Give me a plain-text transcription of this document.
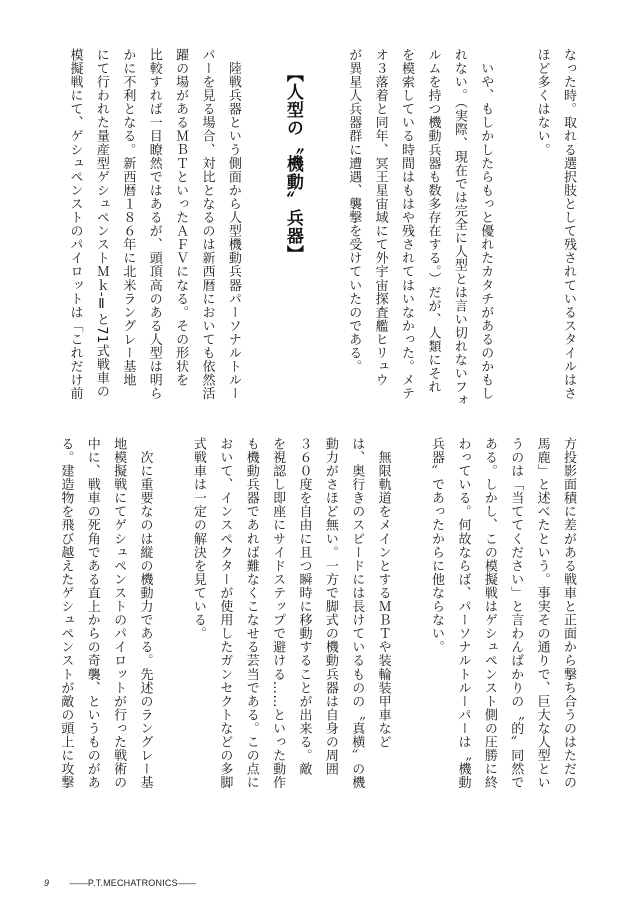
なった時。取れる選択肢として残されているスタイルはさ
ほど多くはない。
　いや、もしかしたらもっと優れたカタチがあるのかもし
れない。（実際、現在では完全に人型とは言い切れないフォ
ルムを持つ機動兵器も数多存在する。）だが、人類にそれ
を模索している時間はもはや残されてはいなかった。メテ
オ３落着と同年、冥王星宙域にて外宇宙探査艦ヒリュウ
が異星人兵器群に遭遇、襲撃を受けていたのである。
【人型の〝機動〟兵器】
　陸戦兵器という側面から人型機動兵器パーソナルトルー
パーを見る場合、対比となるのは新西暦においても依然活
躍の場があるＭＢＴといったＡＦＶになる。その形状を
比較すれば一目瞭然ではあるが、頭頂高のある人型は明ら
かに不利となる。新西暦１８６年に北米ラングレー基地
にて行われた量産型ゲシュペンストＭｋ-Ⅱと71式戦車の
模擬戦にて、ゲシュペンストのパイロットは「これだけ前
方投影面積に差がある戦車と正面から撃ち合うのはただの
馬鹿」と述べたという。事実その通りで、巨大な人型とい
うのは「当ててください」と言わんばかりの〝的〟同然で
ある。しかし、この模擬戦はゲシュペンスト側の圧勝に終
わっている。何故ならば、パーソナルトルーパーは〝機動
兵器〟であったからに他ならない。
　無限軌道をメインとするＭＢＴや装輪装甲車など
は、奥行きのスピードには長けているものの〝真横〟の機
動力がさほど無い。一方で脚式の機動兵器は自身の周囲
３６０度を自由に且つ瞬時に移動することが出来る。敵
を視認し即座にサイドステップで避ける……といった動作
も機動兵器であれば難なくこなせる芸当である。この点に
おいて、インスペクターが使用したガンセクトなどの多脚
式戦車は一定の解決を見ている。
　次に重要なのは縦の機動力である。先述のラングレー基
地模擬戦にてゲシュペンストのパイロットが行った戦術の
中に、戦車の死角である直上からの奇襲、というものがあ
る。建造物を飛び越えたゲシュペンストが敵の頭上に攻撃
9 ——P.T.MECHATRONICS——
